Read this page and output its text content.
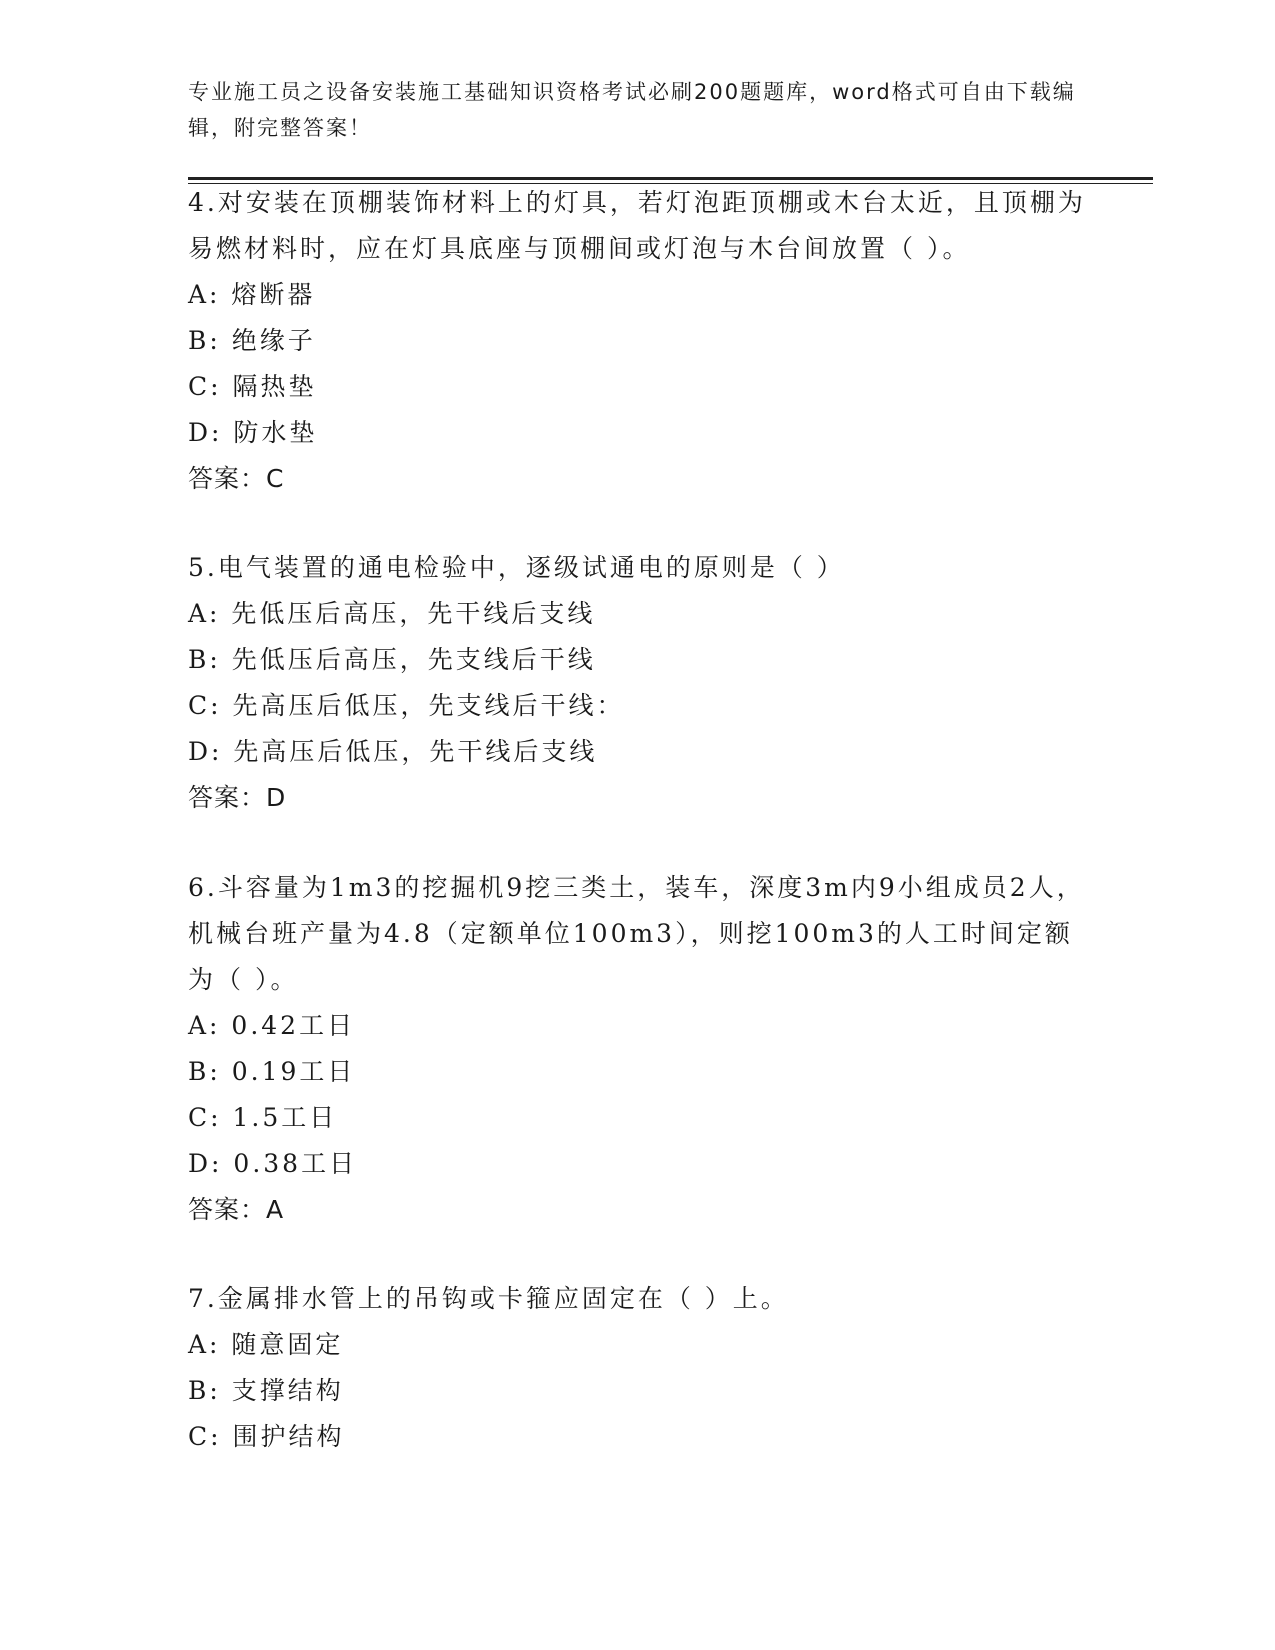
专业施工员之设备安装施工基础知识资格考试必刷200题题库，word格式可自由下载编辑，附完整答案！

4.对安装在顶棚装饰材料上的灯具，若灯泡距顶棚或木台太近，且顶棚为易燃材料时，应在灯具底座与顶棚间或灯泡与木台间放置（ ）。

A: 熔断器

B: 绝缘子

C: 隔热垫

D: 防水垫

答案：C

5.电气装置的通电检验中，逐级试通电的原则是（ ）

A: 先低压后高压，先干线后支线

B: 先低压后高压，先支线后干线

C: 先高压后低压，先支线后干线：

D: 先高压后低压，先干线后支线

答案：D

6.斗容量为1m3的挖掘机9挖三类土，装车，深度3m内9小组成员2人，机械台班产量为4.8（定额单位100m3），则挖100m3的人工时间定额为（ ）。

A: 0.42工日

B: 0.19工日

C: 1.5工日

D: 0.38工日

答案：A

7.金属排水管上的吊钩或卡箍应固定在（ ）上。

A: 随意固定

B: 支撑结构

C: 围护结构
